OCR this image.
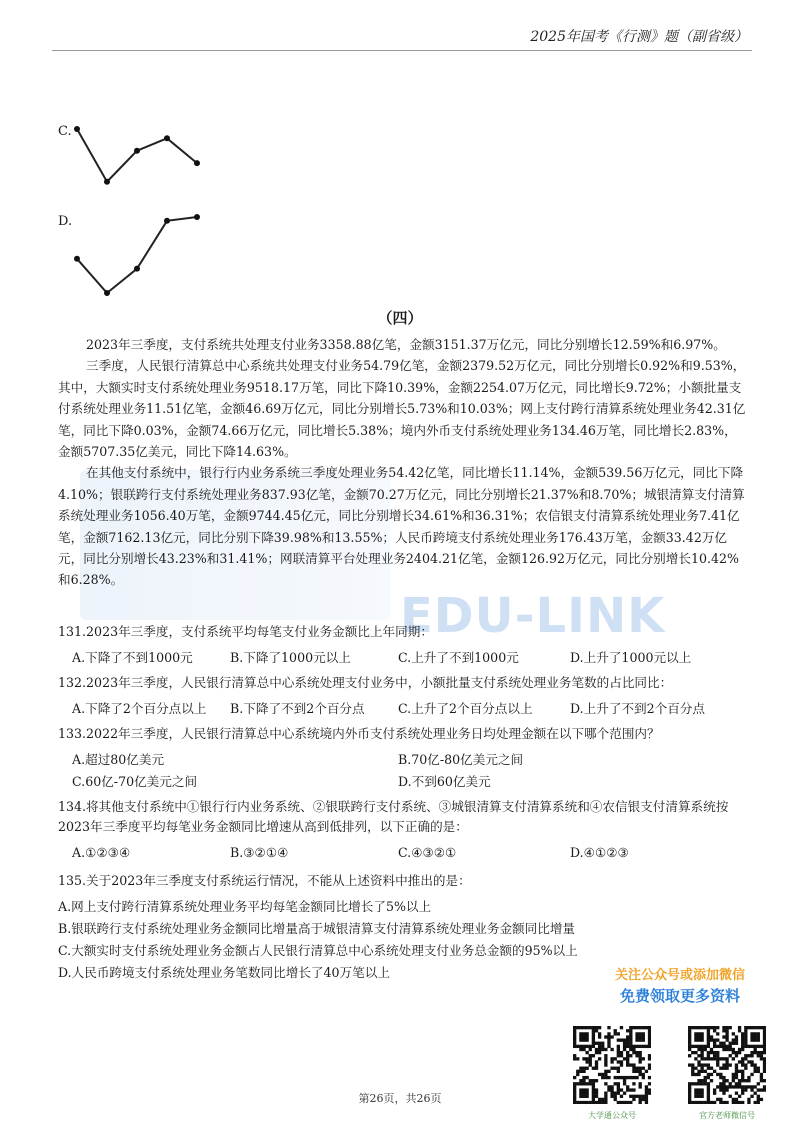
2025年国考《行测》题（副省级）
C.
D.
（四）

2023年三季度，支付系统共处理支付业务3358.88亿笔，金额3151.37万亿元，同比分别增长12.59%和6.97%。

三季度，人民银行清算总中心系统共处理支付业务54.79亿笔，金额2379.52万亿元，同比分别增长0.92%和9.53%，其中，大额实时支付系统处理业务9518.17万笔，同比下降10.39%，金额2254.07万亿元，同比增长9.72%；小额批量支付系统处理业务11.51亿笔，金额46.69万亿元，同比分别增长5.73%和10.03%；网上支付跨行清算系统处理业务42.31亿笔，同比下降0.03%，金额74.66万亿元，同比增长5.38%；境内外币支付系统处理业务134.46万笔，同比增长2.83%，金额5707.35亿美元，同比下降14.63%。

在其他支付系统中，银行行内业务系统三季度处理业务54.42亿笔，同比增长11.14%，金额539.56万亿元，同比下降4.10%；银联跨行支付系统处理业务837.93亿笔，金额70.27万亿元，同比分别增长21.37%和8.70%；城银清算支付清算系统处理业务1056.40万笔，金额9744.45亿元，同比分别增长34.61%和36.31%；农信银支付清算系统处理业务7.41亿笔，金额7162.13亿元，同比分别下降39.98%和13.55%；人民币跨境支付系统处理业务176.43万笔，金额33.42万亿元，同比分别增长43.23%和31.41%；网联清算平台处理业务2404.21亿笔，金额126.92万亿元，同比分别增长10.42%和6.28%。

EDU-LINK
131.2023年三季度，支付系统平均每笔支付业务金额比上年同期：
A.下降了不到1000元	B.下降了1000元以上	C.上升了不到1000元	D.上升了1000元以上
132.2023年三季度，人民银行清算总中心系统处理支付业务中，小额批量支付系统处理业务笔数的占比同比：
A.下降了2个百分点以上 B.下降了不到2个百分点	C.上升了2个百分点以上	D.上升了不到2个百分点
133.2022年三季度，人民银行清算总中心系统境内外币支付系统处理业务日均处理金额在以下哪个范围内？
A.超过80亿美元	B.70亿-80亿美元之间
C.60亿-70亿美元之间	D.不到60亿美元
134.将其他支付系统中①银行行内业务系统、②银联跨行支付系统、③城银清算支付清算系统和④农信银支付清算系统按2023年三季度平均每笔业务金额同比增速从高到低排列，以下正确的是：
A.①②③④	B.③②①④	C.④③②①	D.④①②③
135.关于2023年三季度支付系统运行情况，不能从上述资料中推出的是：
A.网上支付跨行清算系统处理业务平均每笔金额同比增长了5%以上
B.银联跨行支付系统处理业务金额同比增量高于城银清算支付清算系统处理业务金额同比增量
C.大额实时支付系统处理业务金额占人民银行清算总中心系统处理支付业务总金额的95%以上
D.人民币跨境支付系统处理业务笔数同比增长了40万笔以上	关注公众号或添加微信
免费领取更多资料
大学通公众号	官方老师微信号
第26页，共26页
